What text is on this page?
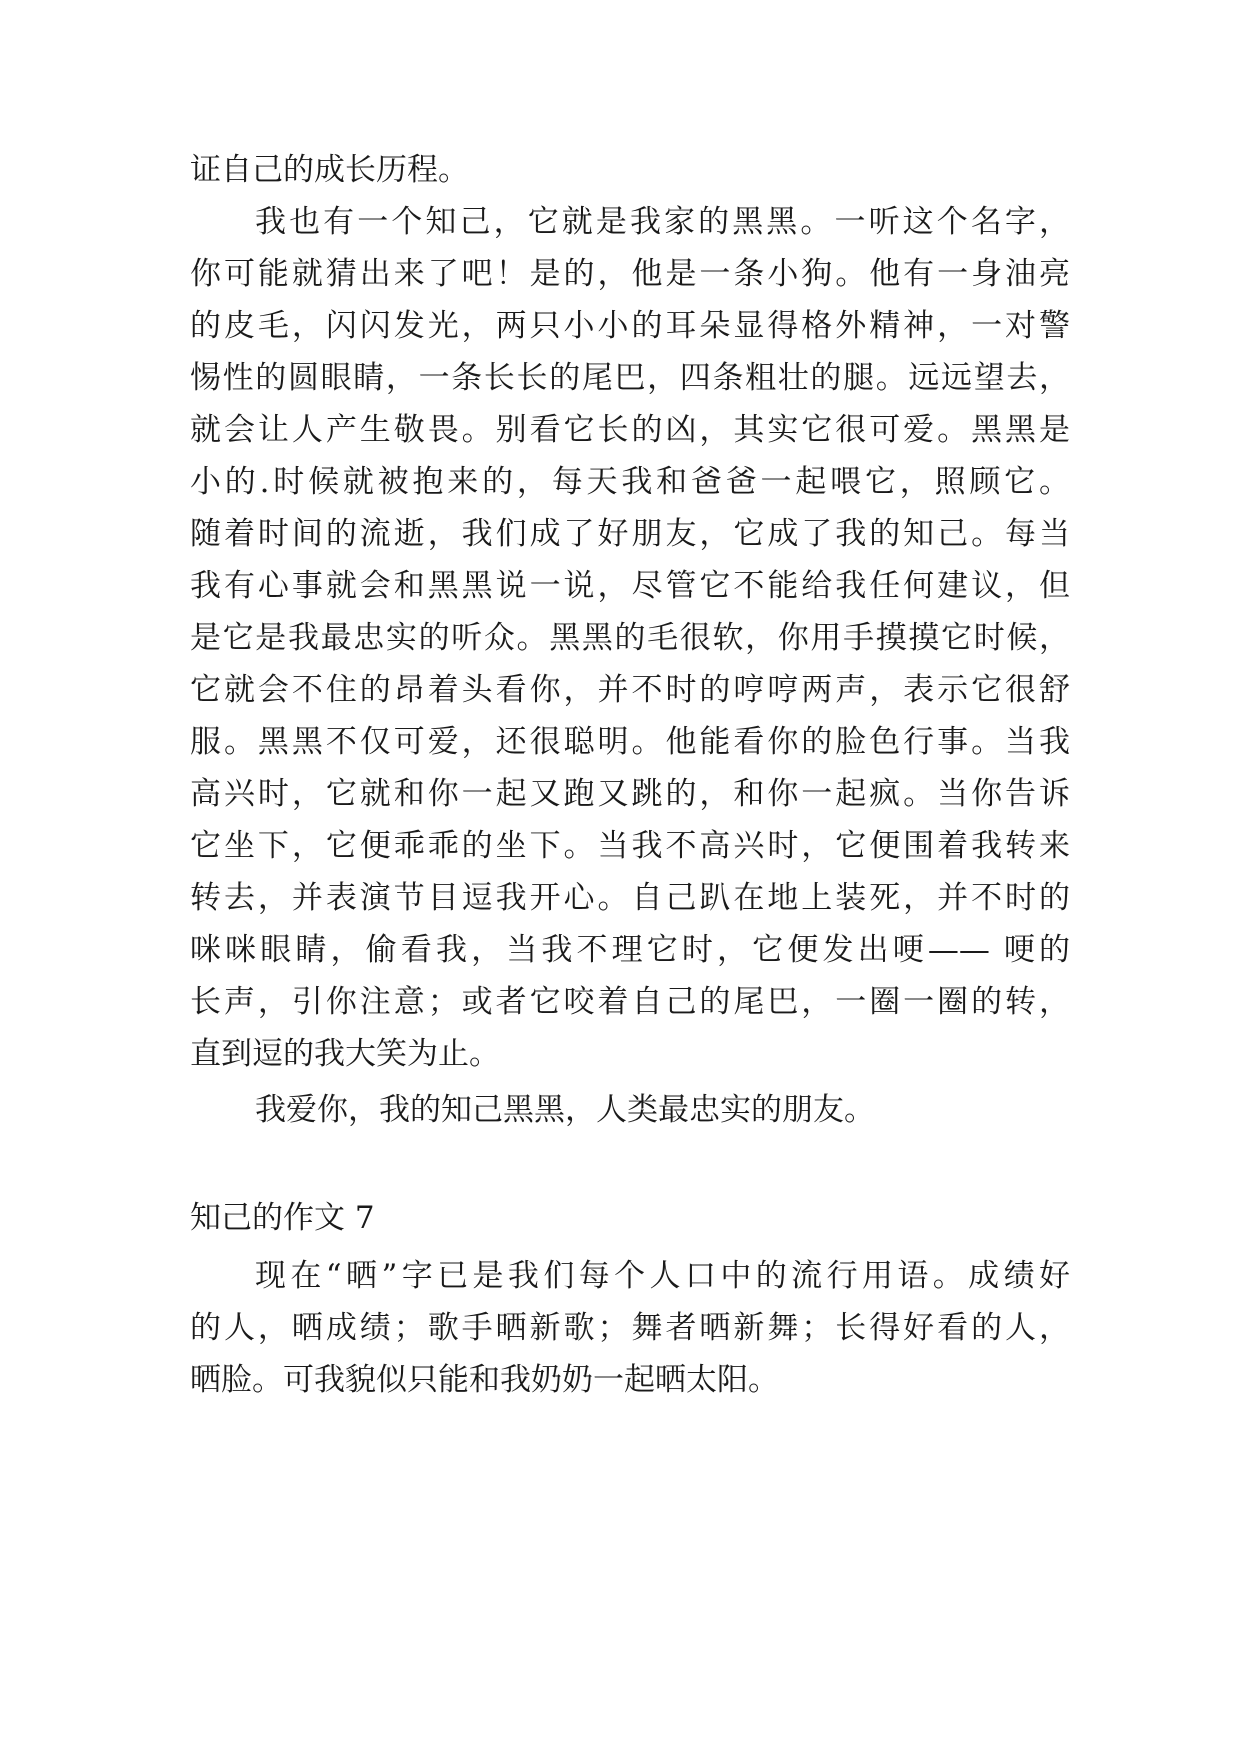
证自己的成长历程。
我也有一个知己，它就是我家的黑黑。一听这个名字，
你可能就猜出来了吧！是的，他是一条小狗。他有一身油亮
的皮毛，闪闪发光，两只小小的耳朵显得格外精神，一对警
惕性的圆眼睛，一条长长的尾巴，四条粗壮的腿。远远望去，
就会让人产生敬畏。别看它长的凶，其实它很可爱。黑黑是
小的.时候就被抱来的，每天我和爸爸一起喂它，照顾它。
随着时间的流逝，我们成了好朋友，它成了我的知己。每当
我有心事就会和黑黑说一说，尽管它不能给我任何建议，但
是它是我最忠实的听众。黑黑的毛很软，你用手摸摸它时候，
它就会不住的昂着头看你，并不时的哼哼两声，表示它很舒
服。黑黑不仅可爱，还很聪明。他能看你的脸色行事。当我
高兴时，它就和你一起又跑又跳的，和你一起疯。当你告诉
它坐下，它便乖乖的坐下。当我不高兴时，它便围着我转来
转去，并表演节目逗我开心。自己趴在地上装死，并不时的
咪咪眼睛，偷看我，当我不理它时，它便发出哽—— 哽的
长声，引你注意；或者它咬着自己的尾巴，一圈一圈的转，
直到逗的我大笑为止。
我爱你，我的知己黑黑，人类最忠实的朋友。
知己的作文 7
现在“晒”字已是我们每个人口中的流行用语。成绩好
的人，晒成绩；歌手晒新歌；舞者晒新舞；长得好看的人，
晒脸。可我貌似只能和我奶奶一起晒太阳。
